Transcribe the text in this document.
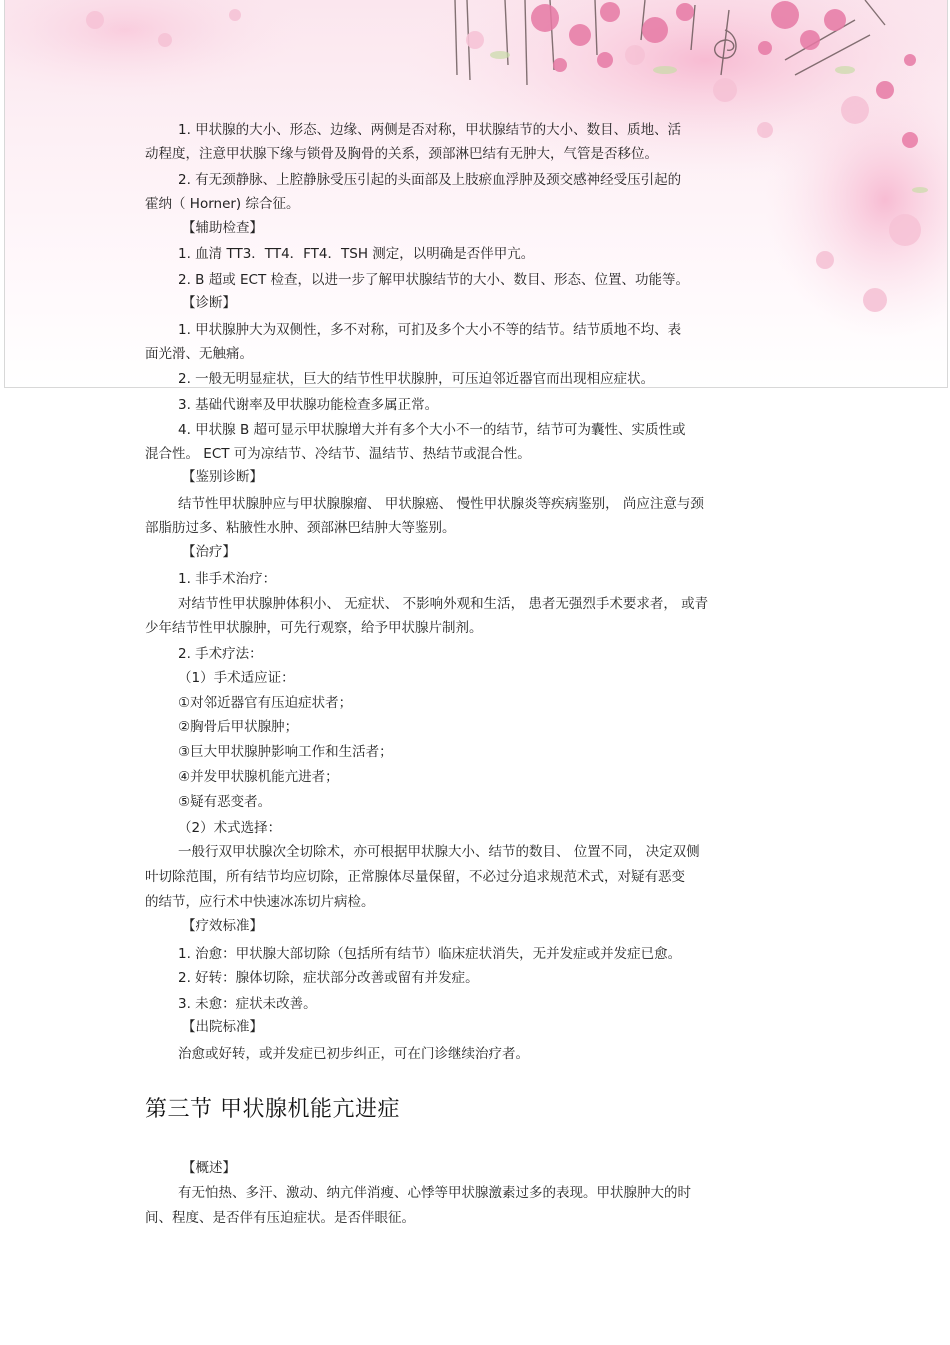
1. 甲状腺的大小、形态、边缘、两侧是否对称，甲状腺结节的大小、数目、质地、活
动程度，注意甲状腺下缘与锁骨及胸骨的关系，颈部淋巴结有无肿大，气管是否移位。
2. 有无颈静脉、上腔静脉受压引起的头面部及上肢瘀血浮肿及颈交感神经受压引起的
霍纳（ Horner) 综合征。
【辅助检查】
1. 血清 TT3．TT4．FT4．TSH 测定，以明确是否伴甲亢。
2. B 超或 ECT 检查，以进一步了解甲状腺结节的大小、数目、形态、位置、功能等。
【诊断】
1. 甲状腺肿大为双侧性，多不对称，可扪及多个大小不等的结节。结节质地不均、表
面光滑、无触痛。
2. 一般无明显症状，巨大的结节性甲状腺肿，可压迫邻近器官而出现相应症状。
3. 基础代谢率及甲状腺功能检查多属正常。
4. 甲状腺 B 超可显示甲状腺增大并有多个大小不一的结节，结节可为囊性、实质性或
混合性。 ECT 可为凉结节、冷结节、温结节、热结节或混合性。
【鉴别诊断】
结节性甲状腺肿应与甲状腺腺瘤、 甲状腺癌、 慢性甲状腺炎等疾病鉴别， 尚应注意与颈
部脂肪过多、粘腋性水肿、颈部淋巴结肿大等鉴别。
【治疗】
1. 非手术治疗：
对结节性甲状腺肿体积小、 无症状、 不影响外观和生活， 患者无强烈手术要求者， 或青
少年结节性甲状腺肿，可先行观察，给予甲状腺片制剂。
2. 手术疗法：
（1）手术适应证：
①对邻近器官有压迫症状者；
②胸骨后甲状腺肿；
③巨大甲状腺肿影响工作和生活者；
④并发甲状腺机能亢进者；
⑤疑有恶变者。
（2）术式选择：
一般行双甲状腺次全切除术，亦可根据甲状腺大小、结节的数目、 位置不同， 决定双侧
叶切除范围，所有结节均应切除，正常腺体尽量保留，不必过分追求规范术式，对疑有恶变
的结节，应行术中快速冰冻切片病检。
【疗效标准】
1. 治愈：甲状腺大部切除（包括所有结节）临床症状消失，无并发症或并发症已愈。
2. 好转：腺体切除，症状部分改善或留有并发症。
3. 未愈：症状未改善。
【出院标准】
治愈或好转，或并发症已初步纠正，可在门诊继续治疗者。
第三节 甲状腺机能亢进症
【概述】
有无怕热、多汗、激动、纳亢伴消瘦、心悸等甲状腺激素过多的表现。甲状腺肿大的时
间、程度、是否伴有压迫症状。是否伴眼征。
